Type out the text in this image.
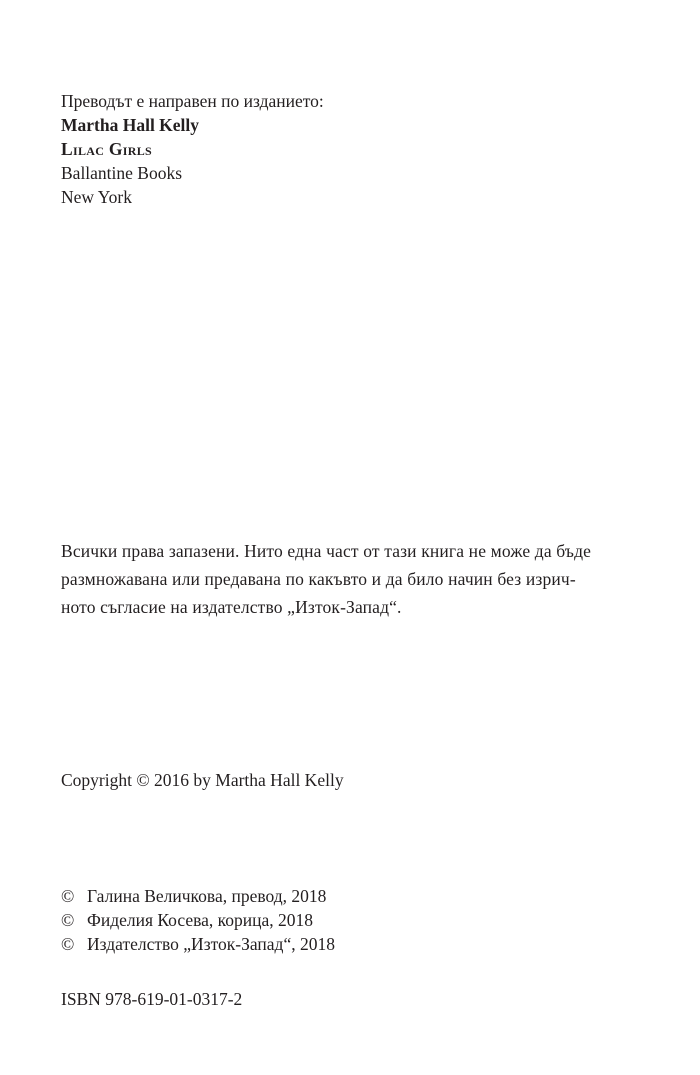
Преводът е направен по изданието:
Martha Hall Kelly
Lilac Girls
Ballantine Books
New York
Всички права запазени. Нито една част от тази книга не може да бъде
размножавана или предавана по какъвто и да било начин без изрич-
ното съгласие на издателство „Изток-Запад“.
Copyright © 2016 by Martha Hall Kelly
© Галина Величкова, превод, 2018
© Фиделия Косева, корица, 2018
© Издателство „Изток-Запад“, 2018
ISBN 978-619-01-0317-2
